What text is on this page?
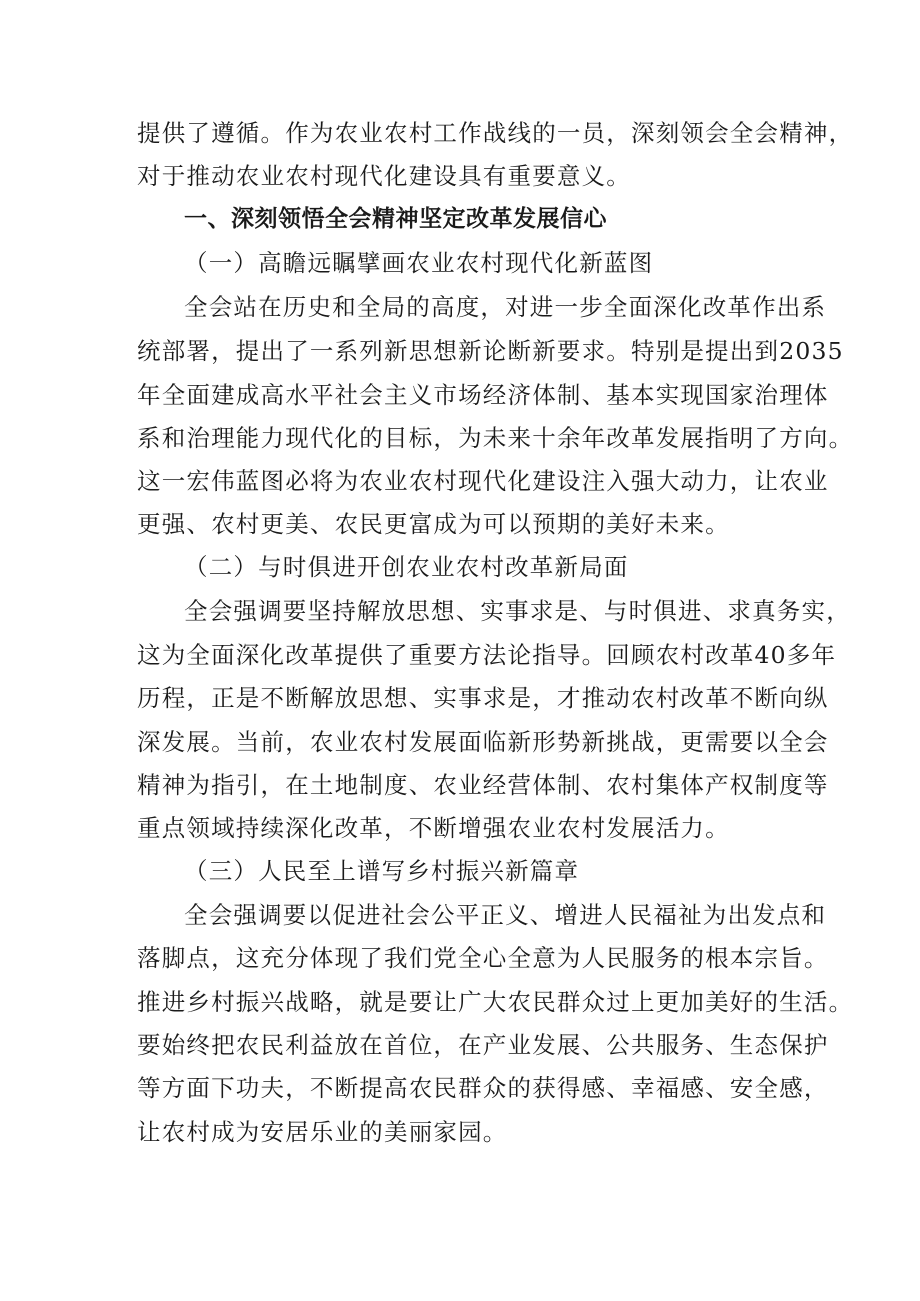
提供了遵循。作为农业农村工作战线的一员，深刻领会全会精神，
对于推动农业农村现代化建设具有重要意义。
一、深刻领悟全会精神坚定改革发展信心
（一）高瞻远瞩擘画农业农村现代化新蓝图
全会站在历史和全局的高度，对进一步全面深化改革作出系
统部署，提出了一系列新思想新论断新要求。特别是提出到2035
年全面建成高水平社会主义市场经济体制、基本实现国家治理体
系和治理能力现代化的目标，为未来十余年改革发展指明了方向。
这一宏伟蓝图必将为农业农村现代化建设注入强大动力，让农业
更强、农村更美、农民更富成为可以预期的美好未来。
（二）与时俱进开创农业农村改革新局面
全会强调要坚持解放思想、实事求是、与时俱进、求真务实，
这为全面深化改革提供了重要方法论指导。回顾农村改革40多年
历程，正是不断解放思想、实事求是，才推动农村改革不断向纵
深发展。当前，农业农村发展面临新形势新挑战，更需要以全会
精神为指引，在土地制度、农业经营体制、农村集体产权制度等
重点领域持续深化改革，不断增强农业农村发展活力。
（三）人民至上谱写乡村振兴新篇章
全会强调要以促进社会公平正义、增进人民福祉为出发点和
落脚点，这充分体现了我们党全心全意为人民服务的根本宗旨。
推进乡村振兴战略，就是要让广大农民群众过上更加美好的生活。
要始终把农民利益放在首位，在产业发展、公共服务、生态保护
等方面下功夫，不断提高农民群众的获得感、幸福感、安全感，
让农村成为安居乐业的美丽家园。
